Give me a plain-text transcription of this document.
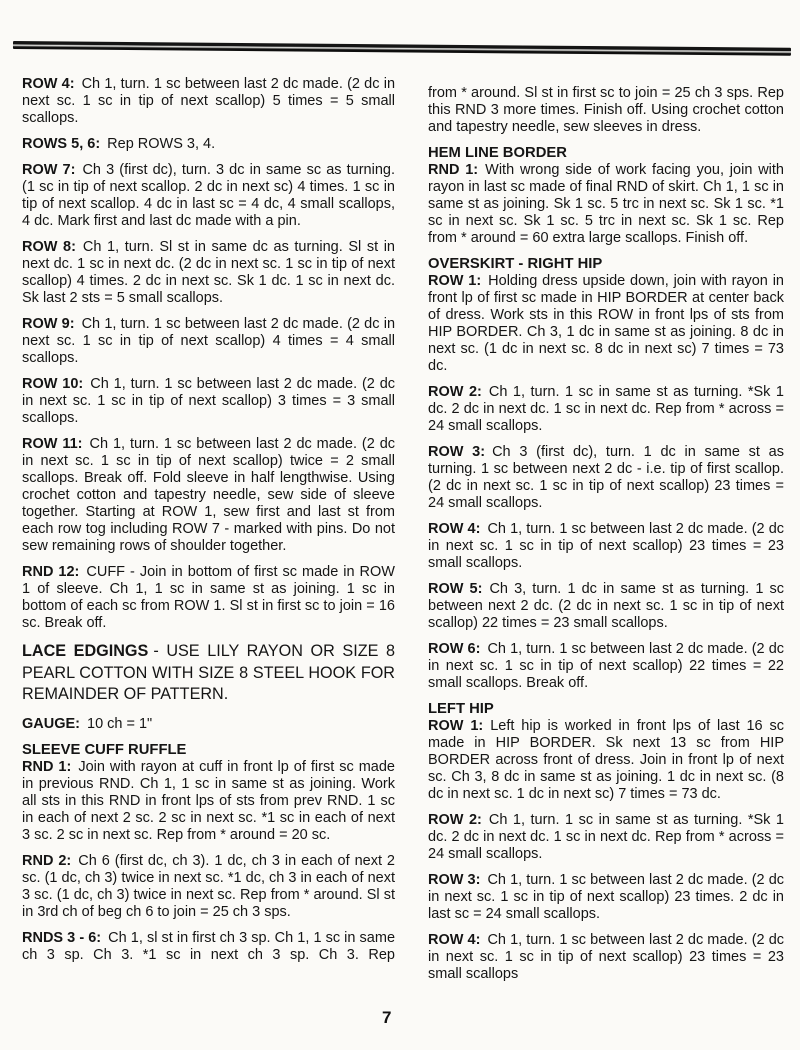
ROW 4: Ch 1, turn. 1 sc between last 2 dc made. (2 dc in next sc. 1 sc in tip of next scallop) 5 times = 5 small scallops.

ROWS 5, 6: Rep ROWS 3, 4.

ROW 7: Ch 3 (first dc), turn. 3 dc in same sc as turning. (1 sc in tip of next scallop. 2 dc in next sc) 4 times. 1 sc in tip of next scallop. 4 dc in last sc = 4 dc, 4 small scallops, 4 dc. Mark first and last dc made with a pin.

ROW 8: Ch 1, turn. Sl st in same dc as turning. Sl st in next dc. 1 sc in next dc. (2 dc in next sc. 1 sc in tip of next scallop) 4 times. 2 dc in next sc. Sk 1 dc. 1 sc in next dc. Sk last 2 sts = 5 small scallops.

ROW 9: Ch 1, turn. 1 sc between last 2 dc made. (2 dc in next sc. 1 sc in tip of next scallop) 4 times = 4 small scallops.

ROW 10: Ch 1, turn. 1 sc between last 2 dc made. (2 dc in next sc. 1 sc in tip of next scallop) 3 times = 3 small scallops.

ROW 11: Ch 1, turn. 1 sc between last 2 dc made. (2 dc in next sc. 1 sc in tip of next scallop) twice = 2 small scallops. Break off. Fold sleeve in half lengthwise. Using crochet cotton and tapestry needle, sew side of sleeve together. Starting at ROW 1, sew first and last st from each row tog including ROW 7 - marked with pins. Do not sew remaining rows of shoulder together.

RND 12: CUFF - Join in bottom of first sc made in ROW 1 of sleeve. Ch 1, 1 sc in same st as joining. 1 sc in bottom of each sc from ROW 1. Sl st in first sc to join = 16 sc. Break off.

LACE EDGINGS - USE LILY RAYON OR SIZE 8 PEARL COTTON WITH SIZE 8 STEEL HOOK FOR REMAINDER OF PATTERN.

GAUGE: 10 ch = 1"

SLEEVE CUFF RUFFLE

RND 1: Join with rayon at cuff in front lp of first sc made in previous RND. Ch 1, 1 sc in same st as joining. Work all sts in this RND in front lps of sts from prev RND. 1 sc in each of next 2 sc. 2 sc in next sc. *1 sc in each of next 3 sc. 2 sc in next sc. Rep from * around = 20 sc.

RND 2: Ch 6 (first dc, ch 3). 1 dc, ch 3 in each of next 2 sc. (1 dc, ch 3) twice in next sc. *1 dc, ch 3 in each of next 3 sc. (1 dc, ch 3) twice in next sc. Rep from * around. Sl st in 3rd ch of beg ch 6 to join = 25 ch 3 sps.

RNDS 3 - 6: Ch 1, sl st in first ch 3 sp. Ch 1, 1 sc in same ch 3 sp. Ch 3. *1 sc in next ch 3 sp. Ch 3. Rep

from * around. Sl st in first sc to join = 25 ch 3 sps. Rep this RND 3 more times. Finish off. Using crochet cotton and tapestry needle, sew sleeves in dress.

HEM LINE BORDER

RND 1: With wrong side of work facing you, join with rayon in last sc made of final RND of skirt. Ch 1, 1 sc in same st as joining. Sk 1 sc. 5 trc in next sc. Sk 1 sc. *1 sc in next sc. Sk 1 sc. 5 trc in next sc. Sk 1 sc. Rep from * around = 60 extra large scallops. Finish off.

OVERSKIRT - RIGHT HIP

ROW 1: Holding dress upside down, join with rayon in front lp of first sc made in HIP BORDER at center back of dress. Work sts in this ROW in front lps of sts from HIP BORDER. Ch 3, 1 dc in same st as joining. 8 dc in next sc. (1 dc in next sc. 8 dc in next sc) 7 times = 73 dc.

ROW 2: Ch 1, turn. 1 sc in same st as turning. *Sk 1 dc. 2 dc in next dc. 1 sc in next dc. Rep from * across = 24 small scallops.

ROW 3: Ch 3 (first dc), turn. 1 dc in same st as turning. 1 sc between next 2 dc - i.e. tip of first scallop. (2 dc in next sc. 1 sc in tip of next scallop) 23 times = 24 small scallops.

ROW 4: Ch 1, turn. 1 sc between last 2 dc made. (2 dc in next sc. 1 sc in tip of next scallop) 23 times = 23 small scallops.

ROW 5: Ch 3, turn. 1 dc in same st as turning. 1 sc between next 2 dc. (2 dc in next sc. 1 sc in tip of next scallop) 22 times = 23 small scallops.

ROW 6: Ch 1, turn. 1 sc between last 2 dc made. (2 dc in next sc. 1 sc in tip of next scallop) 22 times = 22 small scallops. Break off.

LEFT HIP

ROW 1: Left hip is worked in front lps of last 16 sc made in HIP BORDER. Sk next 13 sc from HIP BORDER across front of dress. Join in front lp of next sc. Ch 3, 8 dc in same st as joining. 1 dc in next sc. (8 dc in next sc. 1 dc in next sc) 7 times = 73 dc.

ROW 2: Ch 1, turn. 1 sc in same st as turning. *Sk 1 dc. 2 dc in next dc. 1 sc in next dc. Rep from * across = 24 small scallops.

ROW 3: Ch 1, turn. 1 sc between last 2 dc made. (2 dc in next sc. 1 sc in tip of next scallop) 23 times. 2 dc in last sc = 24 small scallops.

ROW 4: Ch 1, turn. 1 sc between last 2 dc made. (2 dc in next sc. 1 sc in tip of next scallop) 23 times = 23 small scallops

7
